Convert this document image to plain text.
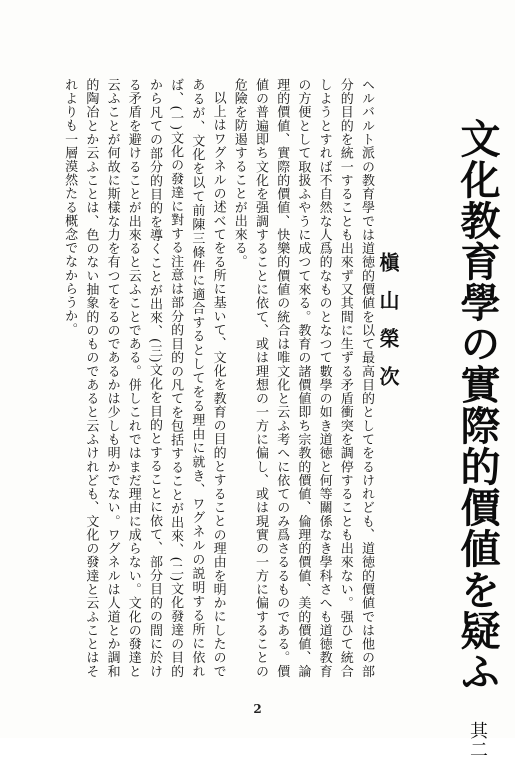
文化教育學の實際的價値を疑ふ 其二
槇山榮次

ヘルバルト派の教育學では道徳的價値を以て最高目的としてをるけれども、道徳的價値では他の部分的目的を統一することも出來ず又其間に生ずる矛盾衝突を調停することも出來ない。强ひて統合しようとすれば不自然な人爲的なものとなつて數學の如き道徳と何等關係なき學科さへも道徳教育の方便として取扱ふやうに成つて來る。教育の諸價値即ち宗教的價値、倫理的價値、美的價値、論理的價値、實際的價値、快樂的價値の統合は唯文化と云ふ考へに依てのみ爲さるるものである。價値の普遍即ち文化を强調することに依て、或は理想の一方に偏し、或は現實の一方に偏することの危險を防遏することが出來る。

以上はワグネルの述べてをる所に基いて、文化を教育の目的とすることの理由を明かにしたのであるが、文化を以て前陳三條件に適合するとしてをる理由に就き、ワグネルの説明する所に依れば、(一)文化の發達に對する注意は部分的目的の凡てを包括することが出來、(二)文化發達の目的から凡ての部分的目的を導くことが出來、(三)文化を目的とすることに依て、部分目的の間に於ける矛盾を避けることが出來ると云ふことである。併しこれではまだ理由に成らない。文化の發達と云ふことが何故に斯樣な力を有つてをるのであるかは少しも明かでない。ワグネルは人道とか調和的陶冶とか云ふことは、色のない抽象的のものであると云ふけれども、文化の發達と云ふことはそれよりも一層漠然たる概念でなからうか。

2
